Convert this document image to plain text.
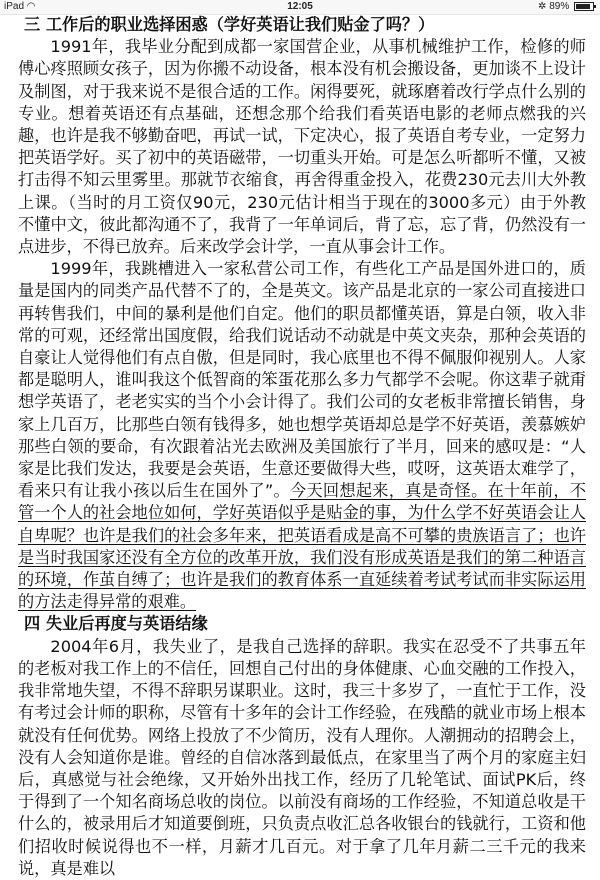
iPad ◠	12:05	✲ 89%

三 工作后的职业选择困惑（学好英语让我们贴金了吗？）

1991年，我毕业分配到成都一家国营企业，从事机械维护工作，检修的师傅心疼照顾女孩子，因为你搬不动设备，根本没有机会搬设备，更加谈不上设计及制图，对于我来说不是很合适的工作。闲得要死，就琢磨着改行学点什么别的专业。想着英语还有点基础，还想念那个给我们看英语电影的老师点燃我的兴趣，也许是我不够勤奋吧，再试一试，下定决心，报了英语自考专业，一定努力把英语学好。买了初中的英语磁带，一切重头开始。可是怎么听都听不懂，又被打击得不知云里雾里。那就节衣缩食，再舍得重金投入，花费230元去川大外教上课。（当时的月工资仅90元，230元估计相当于现在的3000多元）由于外教不懂中文，彼此都沟通不了，我背了一年单词后，背了忘，忘了背，仍然没有一点进步，不得已放弃。后来改学会计学，一直从事会计工作。

1999年，我跳槽进入一家私营公司工作，有些化工产品是国外进口的，质量是国内的同类产品代替不了的，全是英文。该产品是北京的一家公司直接进口再转售我们，中间的暴利是他们自定。他们的职员都懂英语，算是白领，收入非常的可观，还经常出国度假，给我们说话动不动就是中英文夹杂，那种会英语的自豪让人觉得他们有点自傲，但是同时，我心底里也不得不佩服仰视别人。人家都是聪明人，谁叫我这个低智商的笨蛋花那么多力气都学不会呢。你这辈子就甭想学英语了，老老实实的当个小会计得了。我们公司的女老板非常擅长销售，身家上几百万，比那些白领有钱得多，她也想学英语却总是学不好英语，羡慕嫉妒那些白领的要命，有次跟着沾光去欧洲及美国旅行了半月，回来的感叹是：“人家是比我们发达，我要是会英语，生意还要做得大些，哎呀，这英语太难学了，看来只有让我小孩以后生在国外了”。今天回想起来，真是奇怪。在十年前，不管一个人的社会地位如何，学好英语似乎是贴金的事，为什么学不好英语会让人自卑呢？也许是我们的社会多年来，把英语看成是高不可攀的贵族语言了；也许是当时我国家还没有全方位的改革开放，我们没有形成英语是我们的第二种语言的环境，作茧自缚了；也许是我们的教育体系一直延续着考试考试而非实际运用的方法走得异常的艰难。

四 失业后再度与英语结缘

2004年6月，我失业了，是我自己选择的辞职。我实在忍受不了共事五年的老板对我工作上的不信任，回想自己付出的身体健康、心血交融的工作投入，我非常地失望，不得不辞职另谋职业。这时，我三十多岁了，一直忙于工作，没有考过会计师的职称，尽管有十多年的会计工作经验，在残酷的就业市场上根本就没有任何优势。网络上投放了不少简历，没有人理你。人潮拥动的招聘会上，没有人会知道你是谁。曾经的自信冰落到最低点，在家里当了两个月的家庭主妇后，真感觉与社会绝缘，又开始外出找工作，经历了几轮笔试、面试PK后，终于得到了一个知名商场总收的岗位。以前没有商场的工作经验，不知道总收是干什么的，被录用后才知道要倒班，只负责点收汇总各收银台的钱就行，工资和他们招收时候说得也不一样，月薪才几百元。对于拿了几年月薪二三千元的我来说，真是难以
